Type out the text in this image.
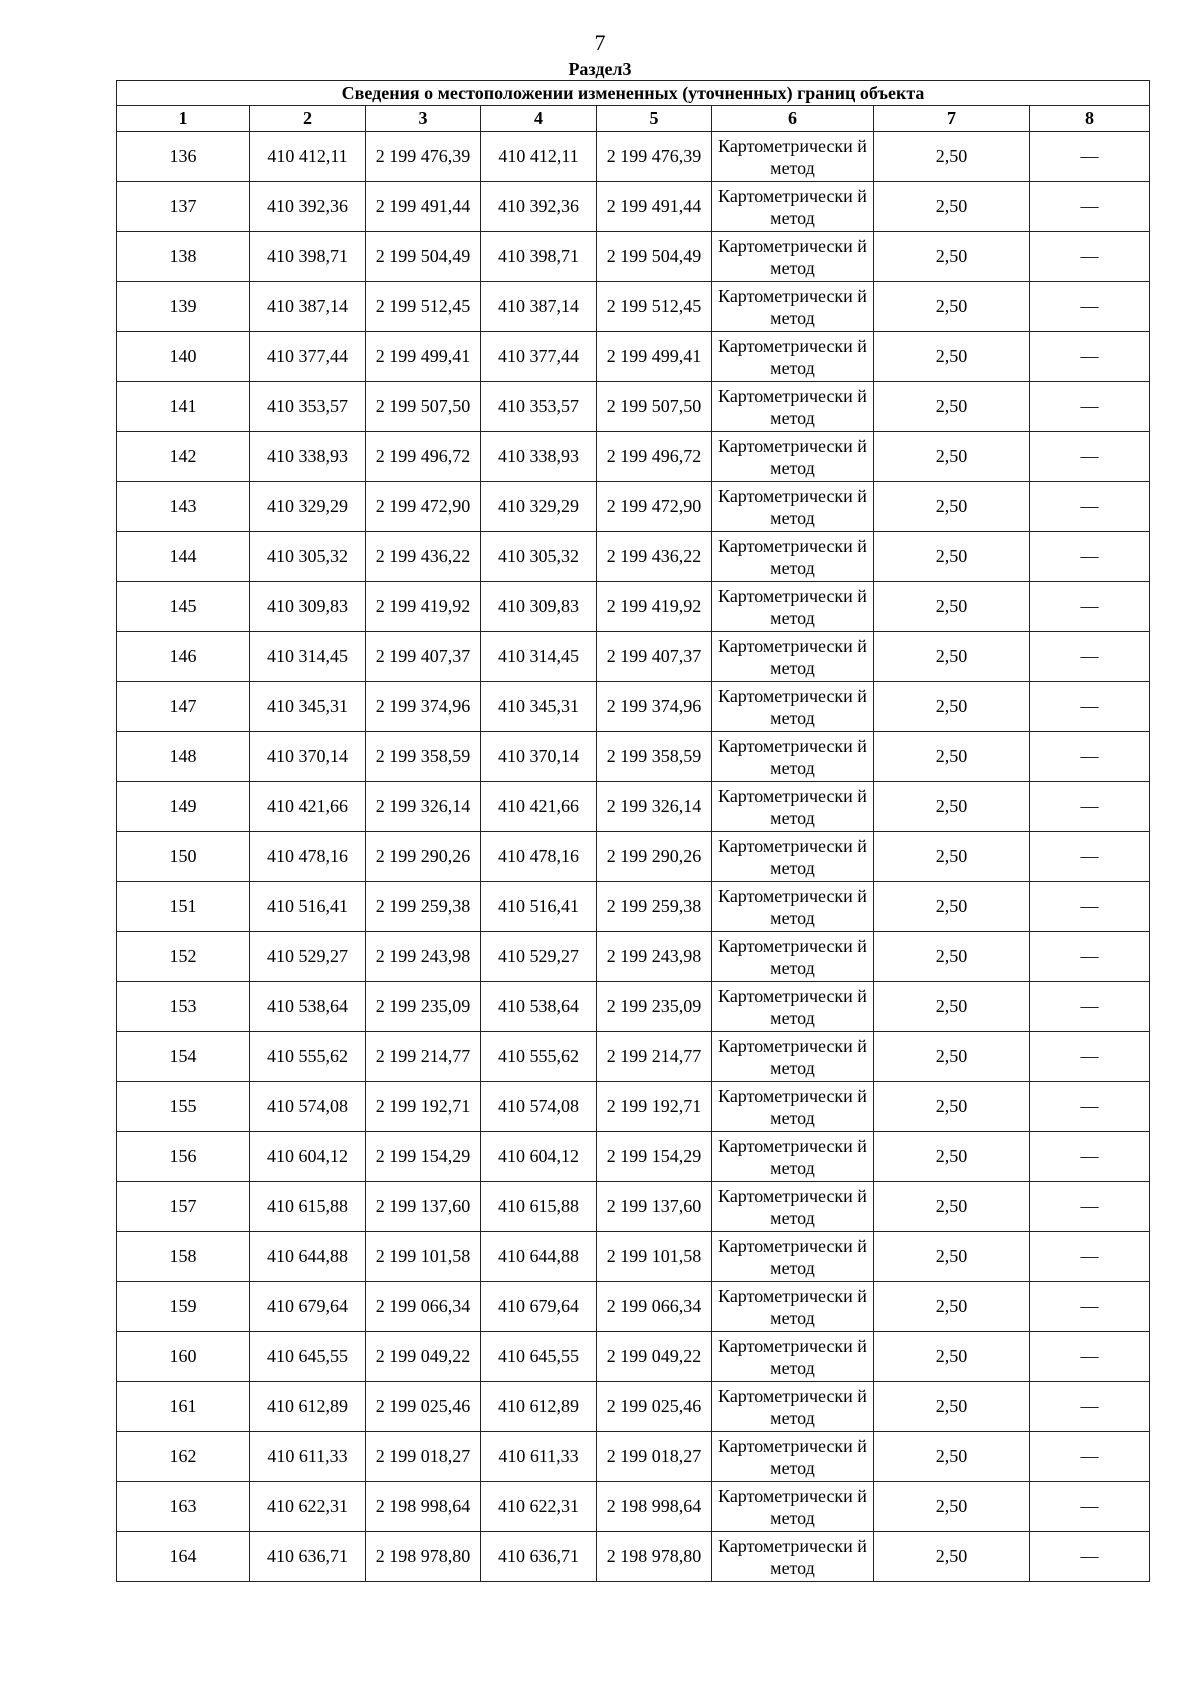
7
Раздел3
Сведения о местоположении измененных (уточненных) границ объекта							
1	2	3	4	5	6	7	8
136	410 412,11	2 199 476,39	410 412,11	2 199 476,39	Картометрически й метод	2,50	—
137	410 392,36	2 199 491,44	410 392,36	2 199 491,44	Картометрически й метод	2,50	—
138	410 398,71	2 199 504,49	410 398,71	2 199 504,49	Картометрически й метод	2,50	—
139	410 387,14	2 199 512,45	410 387,14	2 199 512,45	Картометрически й метод	2,50	—
140	410 377,44	2 199 499,41	410 377,44	2 199 499,41	Картометрически й метод	2,50	—
141	410 353,57	2 199 507,50	410 353,57	2 199 507,50	Картометрически й метод	2,50	—
142	410 338,93	2 199 496,72	410 338,93	2 199 496,72	Картометрически й метод	2,50	—
143	410 329,29	2 199 472,90	410 329,29	2 199 472,90	Картометрически й метод	2,50	—
144	410 305,32	2 199 436,22	410 305,32	2 199 436,22	Картометрически й метод	2,50	—
145	410 309,83	2 199 419,92	410 309,83	2 199 419,92	Картометрически й метод	2,50	—
146	410 314,45	2 199 407,37	410 314,45	2 199 407,37	Картометрически й метод	2,50	—
147	410 345,31	2 199 374,96	410 345,31	2 199 374,96	Картометрически й метод	2,50	—
148	410 370,14	2 199 358,59	410 370,14	2 199 358,59	Картометрически й метод	2,50	—
149	410 421,66	2 199 326,14	410 421,66	2 199 326,14	Картометрически й метод	2,50	—
150	410 478,16	2 199 290,26	410 478,16	2 199 290,26	Картометрически й метод	2,50	—
151	410 516,41	2 199 259,38	410 516,41	2 199 259,38	Картометрически й метод	2,50	—
152	410 529,27	2 199 243,98	410 529,27	2 199 243,98	Картометрически й метод	2,50	—
153	410 538,64	2 199 235,09	410 538,64	2 199 235,09	Картометрически й метод	2,50	—
154	410 555,62	2 199 214,77	410 555,62	2 199 214,77	Картометрически й метод	2,50	—
155	410 574,08	2 199 192,71	410 574,08	2 199 192,71	Картометрически й метод	2,50	—
156	410 604,12	2 199 154,29	410 604,12	2 199 154,29	Картометрически й метод	2,50	—
157	410 615,88	2 199 137,60	410 615,88	2 199 137,60	Картометрически й метод	2,50	—
158	410 644,88	2 199 101,58	410 644,88	2 199 101,58	Картометрически й метод	2,50	—
159	410 679,64	2 199 066,34	410 679,64	2 199 066,34	Картометрически й метод	2,50	—
160	410 645,55	2 199 049,22	410 645,55	2 199 049,22	Картометрически й метод	2,50	—
161	410 612,89	2 199 025,46	410 612,89	2 199 025,46	Картометрически й метод	2,50	—
162	410 611,33	2 199 018,27	410 611,33	2 199 018,27	Картометрически й метод	2,50	—
163	410 622,31	2 198 998,64	410 622,31	2 198 998,64	Картометрически й метод	2,50	—
164	410 636,71	2 198 978,80	410 636,71	2 198 978,80	Картометрически й метод	2,50	—
